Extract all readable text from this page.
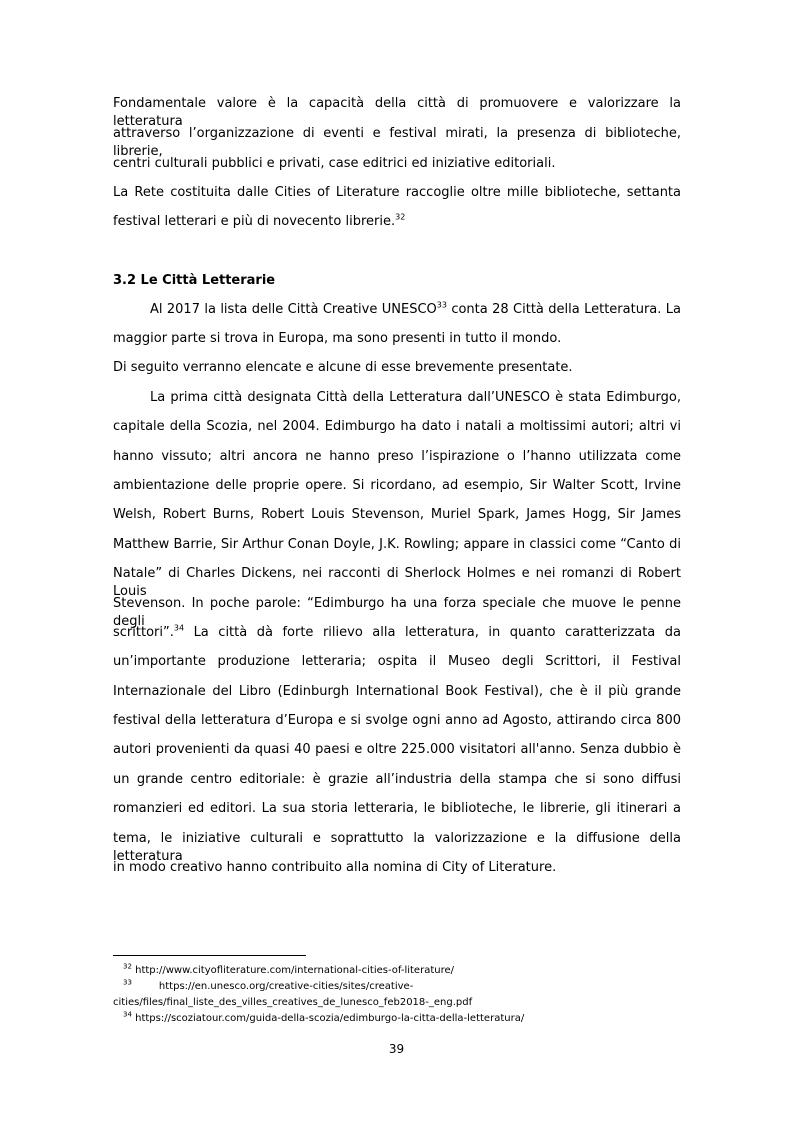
Fondamentale valore è la capacità della città di promuovere e valorizzare la letteratura
attraverso l’organizzazione di eventi e festival mirati, la presenza di biblioteche, librerie,
centri culturali pubblici e privati, case editrici ed iniziative editoriali.
La Rete costituita dalle Cities of Literature raccoglie oltre mille biblioteche, settanta
festival letterari e più di novecento librerie.$^{32}$
3.2 Le Città Letterarie
Al 2017 la lista delle Città Creative UNESCO$^{33}$ conta 28 Città della Letteratura. La
maggior parte si trova in Europa, ma sono presenti in tutto il mondo.
Di seguito verranno elencate e alcune di esse brevemente presentate.
La prima città designata Città della Letteratura dall’UNESCO è stata Edimburgo,
capitale della Scozia, nel 2004. Edimburgo ha dato i natali a moltissimi autori; altri vi
hanno vissuto; altri ancora ne hanno preso l’ispirazione o l’hanno utilizzata come
ambientazione delle proprie opere. Si ricordano, ad esempio, Sir Walter Scott, Irvine
Welsh, Robert Burns, Robert Louis Stevenson, Muriel Spark, James Hogg, Sir James
Matthew Barrie, Sir Arthur Conan Doyle, J.K. Rowling; appare in classici come “Canto di
Natale” di Charles Dickens, nei racconti di Sherlock Holmes e nei romanzi di Robert Louis
Stevenson. In poche parole: “Edimburgo ha una forza speciale che muove le penne degli
scrittori”.$^{34}$ La città dà forte rilievo alla letteratura, in quanto caratterizzata da
un’importante produzione letteraria; ospita il Museo degli Scrittori, il Festival
Internazionale del Libro (Edinburgh International Book Festival), che è il più grande
festival della letteratura d’Europa e si svolge ogni anno ad Agosto, attirando circa 800
autori provenienti da quasi 40 paesi e oltre 225.000 visitatori all'anno. Senza dubbio è
un grande centro editoriale: è grazie all’industria della stampa che si sono diffusi
romanzieri ed editori. La sua storia letteraria, le biblioteche, le librerie, gli itinerari a
tema, le iniziative culturali e soprattutto la valorizzazione e la diffusione della letteratura
in modo creativo hanno contribuito alla nomina di City of Literature.
$^{32}$ http://www.cityofliterature.com/international-cities-of-literature/
$^{33}$	https://en.unesco.org/creative-cities/sites/creative-
cities/files/final_liste_des_villes_creatives_de_lunesco_feb2018-_eng.pdf
$^{34}$ https://scoziatour.com/guida-della-scozia/edimburgo-la-citta-della-letteratura/
39
